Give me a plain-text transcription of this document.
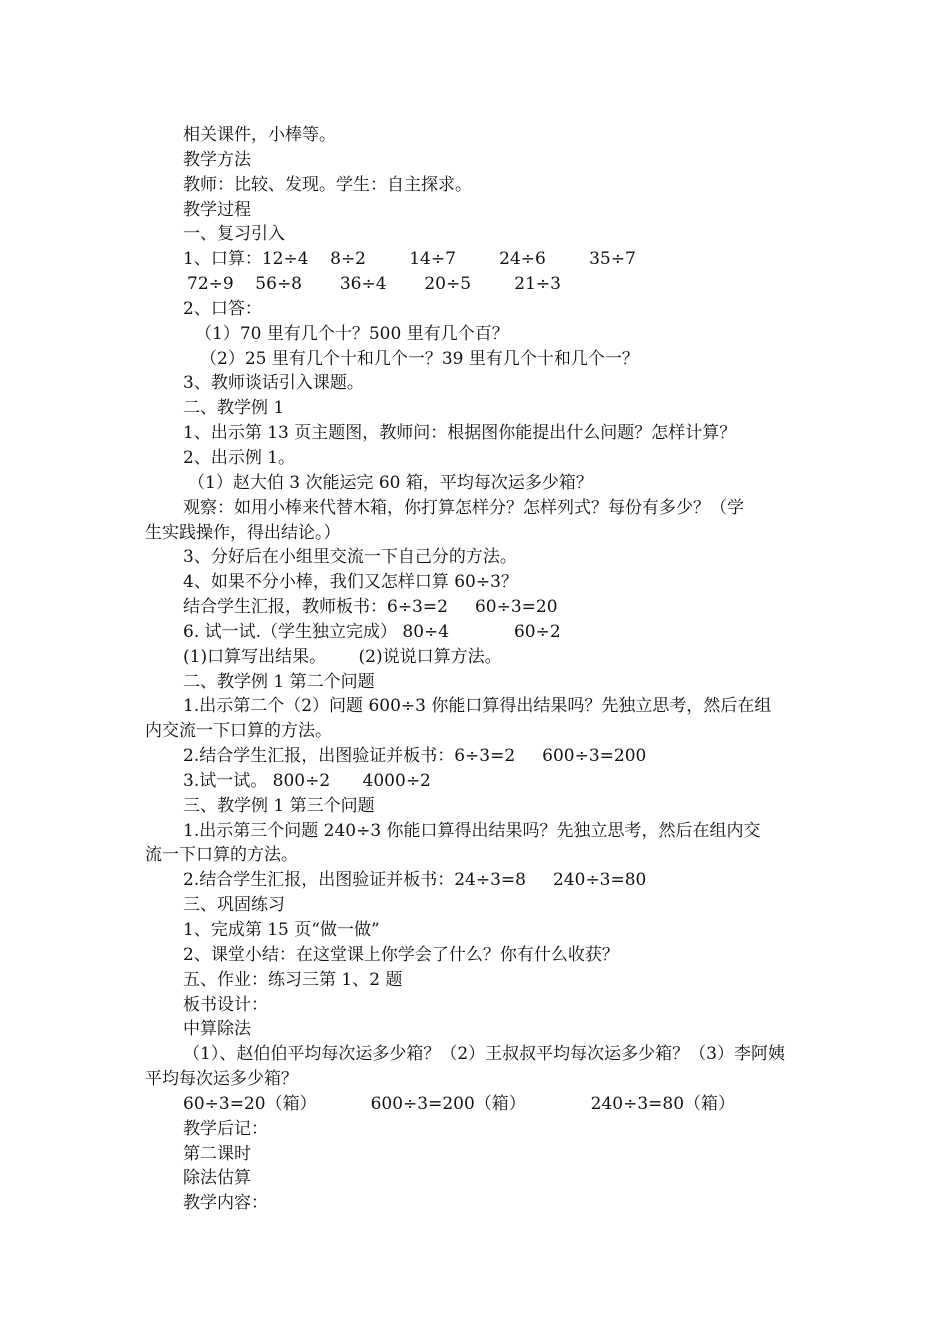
相关课件，小棒等。
教学方法
教师：比较、发现。学生：自主探求。
教学过程
一、复习引入
1、口算：12÷4    8÷2        14÷7        24÷6        35÷7
72÷9    56÷8       36÷4       20÷5        21÷3
2、口答：
（1）70 里有几个十？500 里有几个百？
（2）25 里有几个十和几个一？39 里有几个十和几个一？
3、教师谈话引入课题。
二、教学例 1
1、出示第 13 页主题图，教师问：根据图你能提出什么问题？怎样计算？
2、出示例 1。
（1）赵大伯 3 次能运完 60 箱，平均每次运多少箱？
观察：如用小棒来代替木箱，你打算怎样分？怎样列式？每份有多少？（学
生实践操作，得出结论。）
3、分好后在小组里交流一下自己分的方法。
4、如果不分小棒，我们又怎样口算 60÷3？
结合学生汇报，教师板书：6÷3=2     60÷3=20
6. 试一试.（学生独立完成） 80÷4            60÷2
(1)口算写出结果。      (2)说说口算方法。
二、教学例 1 第二个问题
1.出示第二个（2）问题 600÷3 你能口算得出结果吗？先独立思考，然后在组
内交流一下口算的方法。
2.结合学生汇报，出图验证并板书：6÷3=2     600÷3=200
3.试一试。 800÷2      4000÷2
三、教学例 1 第三个问题
1.出示第三个问题 240÷3 你能口算得出结果吗？先独立思考，然后在组内交
流一下口算的方法。
2.结合学生汇报，出图验证并板书：24÷3=8     240÷3=80
三、巩固练习
1、完成第 15 页“做一做”
2、课堂小结：在这堂课上你学会了什么？你有什么收获？
五、作业：练习三第 1、2 题
板书设计：
中算除法
（1）、赵伯伯平均每次运多少箱？（2）王叔叔平均每次运多少箱？（3）李阿姨
平均每次运多少箱？
60÷3=20（箱）          600÷3=200（箱）            240÷3=80（箱）
教学后记：
第二课时
除法估算
教学内容：
